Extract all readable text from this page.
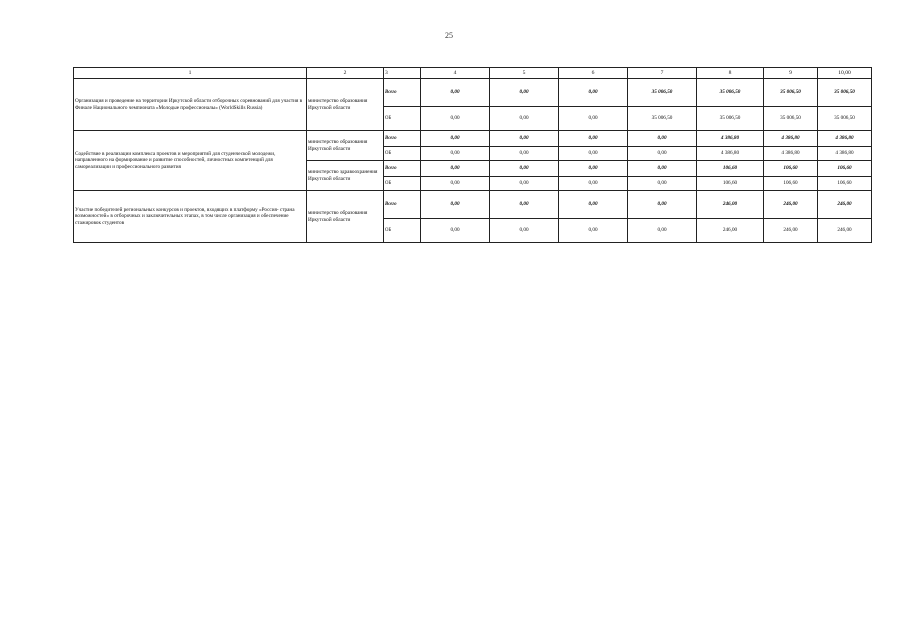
25
1	2	3	4	5	6	7	8	9	10,00
Организация и проведение на территории Иркутской области отборочных соревнований для участия в Финале Национального чемпионата «Молодые профессионалы» (WorldSkills Russia)	министерство образования Иркутской области	Всего	0,00	0,00	0,00	35 006,50	35 006,50	35 006,50	35 006,50
		ОБ	0,00	0,00	0,00	35 006,50	35 006,50	35 006,50	35 006,50
Содействие в реализации комплекса проектов и мероприятий для студенческой молодежи, направленного на формирование и развитие способностей, личностных компетенций для самореализации и профессионального развития	министерство образования Иркутской области	Всего	0,00	0,00	0,00	0,00	4 386,80	4 386,80	4 386,80
		ОБ	0,00	0,00	0,00	0,00	4 386,80	4 386,80	4 386,80
	министерство здравоохранения Иркутской области	Всего	0,00	0,00	0,00	0,00	106,60	106,60	106,60
		ОБ	0,00	0,00	0,00	0,00	106,60	106,60	106,60
Участие победителей региональных конкурсов и проектов, входящих в платформу «Россия- страна возможностей» в отборочных и заключительных этапах, в том числе организация и обеспечение стажировок студентов	министерство образования Иркутской области	Всего	0,00	0,00	0,00	0,00	246,00	246,00	246,00
		ОБ	0,00	0,00	0,00	0,00	246,00	246,00	246,00
